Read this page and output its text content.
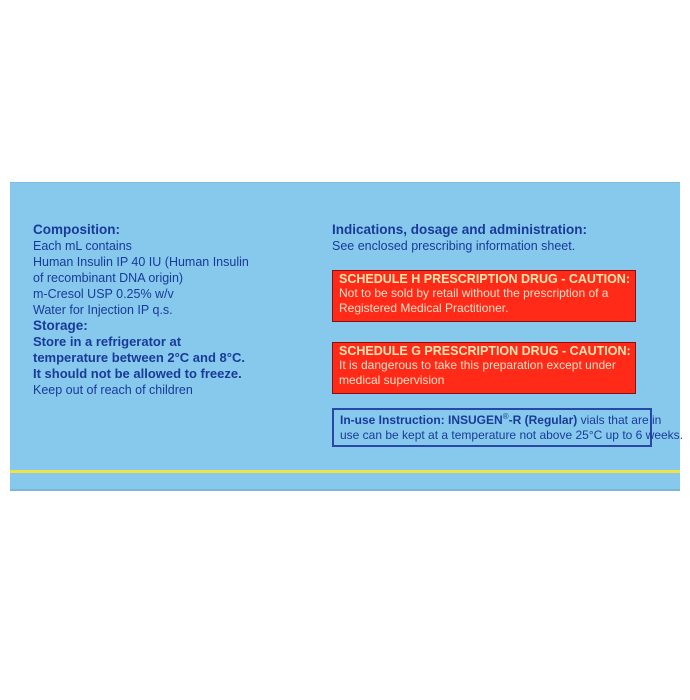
Composition:

Each mL contains

Human Insulin IP 40 IU (Human Insulin

of recombinant DNA origin)

m-Cresol USP 0.25% w/v

Water for Injection IP q.s.

Storage:

Store in a refrigerator at

temperature between 2°C and 8°C.

It should not be allowed to freeze.

Keep out of reach of children

Indications, dosage and administration:

See enclosed prescribing information sheet.

SCHEDULE H PRESCRIPTION DRUG - CAUTION:

Not to be sold by retail without the prescription of a

Registered Medical Practitioner.

SCHEDULE G PRESCRIPTION DRUG - CAUTION:

It is dangerous to take this preparation except under

medical supervision

In-use Instruction: INSUGEN®-R (Regular) vials that are in

use can be kept at a temperature not above 25°C up to 6 weeks.
